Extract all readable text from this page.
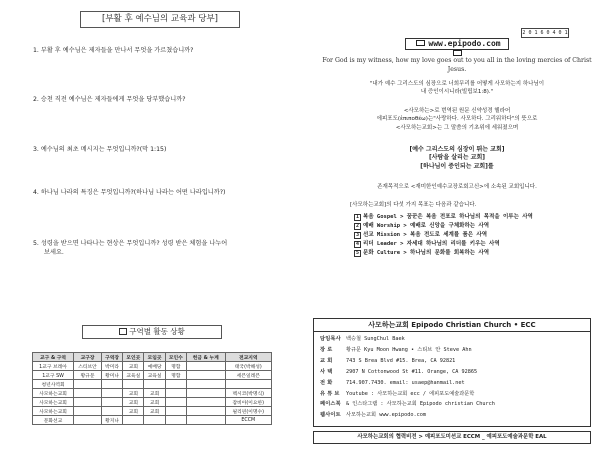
[부활 후 예수님의 교육과 당부]
1. 부활 후 예수님은 제자들을 만나서 무엇을 가르쳤습니까?
2. 승천 직전 예수님은 제자들에게 무엇을 당부했습니까?
3. 예수님의 최초 메시지는 무엇입니까?(막 1:15)
4. 하나님 나라의 특징은 무엇입니까?(하나님 나라는 어떤 나라입니까?)
5. 성령을 받으면 나타나는 현상은 무엇입니까? 성령 받은 체험을 나누어
보세요.
구역별 활동 상황
교구 & 구역	교구장	구역장	모인곳	모임곳	모인수	헌금 & 누계	전교지역
1교구 브레아	스티브안	박미라	교회	예배당	명함		태국(박해성)
1교구 SW	황규문	황미나	교육실	교육실	명함		세븐일레븐
청년사역회							
사모하는교회			교회	교회			멕시코(박명식)
사모하는교회			교회	교회			잠비아(이요한)
사모하는교회			교회	교회			필리핀(이명수)
문화선교		황지나					ECCM
2 0 1 6 0 4 0 1
www.epipodo.com
For God is my witness, how my love goes out to you all in the loving mercies of Christ Jesus.
"내가 예수 그리스도의 심장으로 너희무리를 어떻게 사모하는지 하나님이
내 증인이시니라(빌립보1:8)."
<사모하는>로 번역된 원문 신약성경 헬라어
에피포도(ἐπιποθέω)는"사랑하다. 사모하다. 그리워하다"의 뜻으로
<사모하는교회>는 그 말씀의 기초위에 세워졌으며
[예수 그리스도의 심장이 뛰는 교회]
[사람을 살리는 교회]
[하나님이 증인되는 교회]를
존재목적으로 <재미한인예수교장로회고신>에 소속된 교회입니다.
[사모하는교회]의 다섯 가지 목표는 다음과 같습니다.
1 복음 Gospel > 꿈꾼은 복음 전포로 하나님의 목적을 이루는 사역
2 예배 Worship > 예배로 신앙을 구체화하는 사역
3 선교 Mission > 복음 전도로 세계를 품은 사역
4 리더 Leader > 자세대 하나님의 리더를 키우는 사역
5 문화 Culture > 하나님의 문화를 회복하는 사역
사모하는교회 Epipodo Christian Church • ECC
담임목사 백승철 SungChul Baek
장 로	황규문 Kyu Moon Hwang • 스티브 안 Steve Ahn
교 회	743 S Brea Blvd #15. Brea, CA 92821
사 택	2907 N Cottonwood St #11. Orange, CA 92865
전 화	714.907.7430. email: usaep@hanmail.net
유 튜 브 Youtube : 사모하는교회 ecc / 에피포도예술과문학
페이스북 & 인스타그램 : 사모하는교회 Epipodo christian Church
웹사이트 사모하는교회 www.epipodo.com
사모하는교회의 협력비전 > 예피포도미션교 ECCM _ 예피포도예술과문학 EAL
